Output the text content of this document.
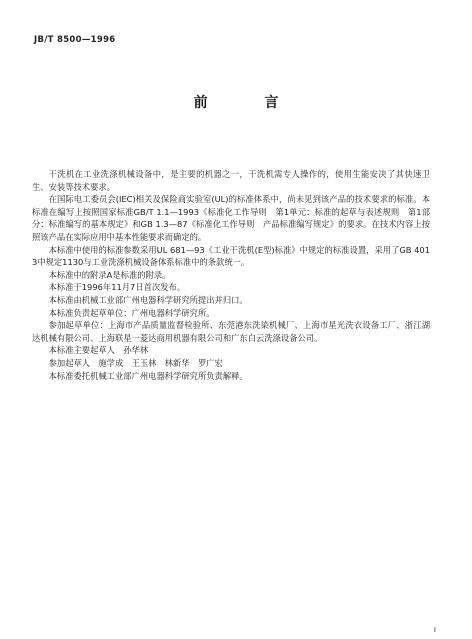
JB/T 8500—1996
前 言

干洗机在工业洗涤机械设备中，是主要的机器之一，干洗机需专人操作的，使用生能安决了其快速卫生、安装等技术要求。

在国际电工委员会(IEC)相关及保险商实验室(UL)的标准体系中，尚未见到该产品的技术要求的标准。本标准在编写上按照国家标准GB/T 1.1—1993《标准化工作导则　第1单元：标准的起草与表述规则　第1部分：标准编写的基本规定》和GB 1.3—87《标准化工作导则　产品标准编写规定》的要求。在技术内容上按照该产品在实际应用中基本性能要求而确定的。

本标准中使用的标准参数采用UL 681—93《工业干洗机(E型)标准》中规定的标准设置，采用了GB 4013中规定1130与工业洗涤机械设备体系标准中的条款统一。

本标准中的附录A是标准的附录。

本标准于1996年11月7日首次发布。

本标准由机械工业部广州电器科学研究所提出并归口。

本标准负责起草单位：广州电器科学研究所。

参加起草单位：上海市产品质量监督检验所、东莞港东洗染机械厂、上海市星光洗衣设备工厂、浙江湖达机械有限公司、上海联星一菱达商用机器有限公司和广东白云洗涤设备公司。

本标准主要起草人　孙华林

参加起草人　施学成　王玉林　林新华　罗广宏

本标准委托机械工业部广州电器科学研究所负责解释。

I
